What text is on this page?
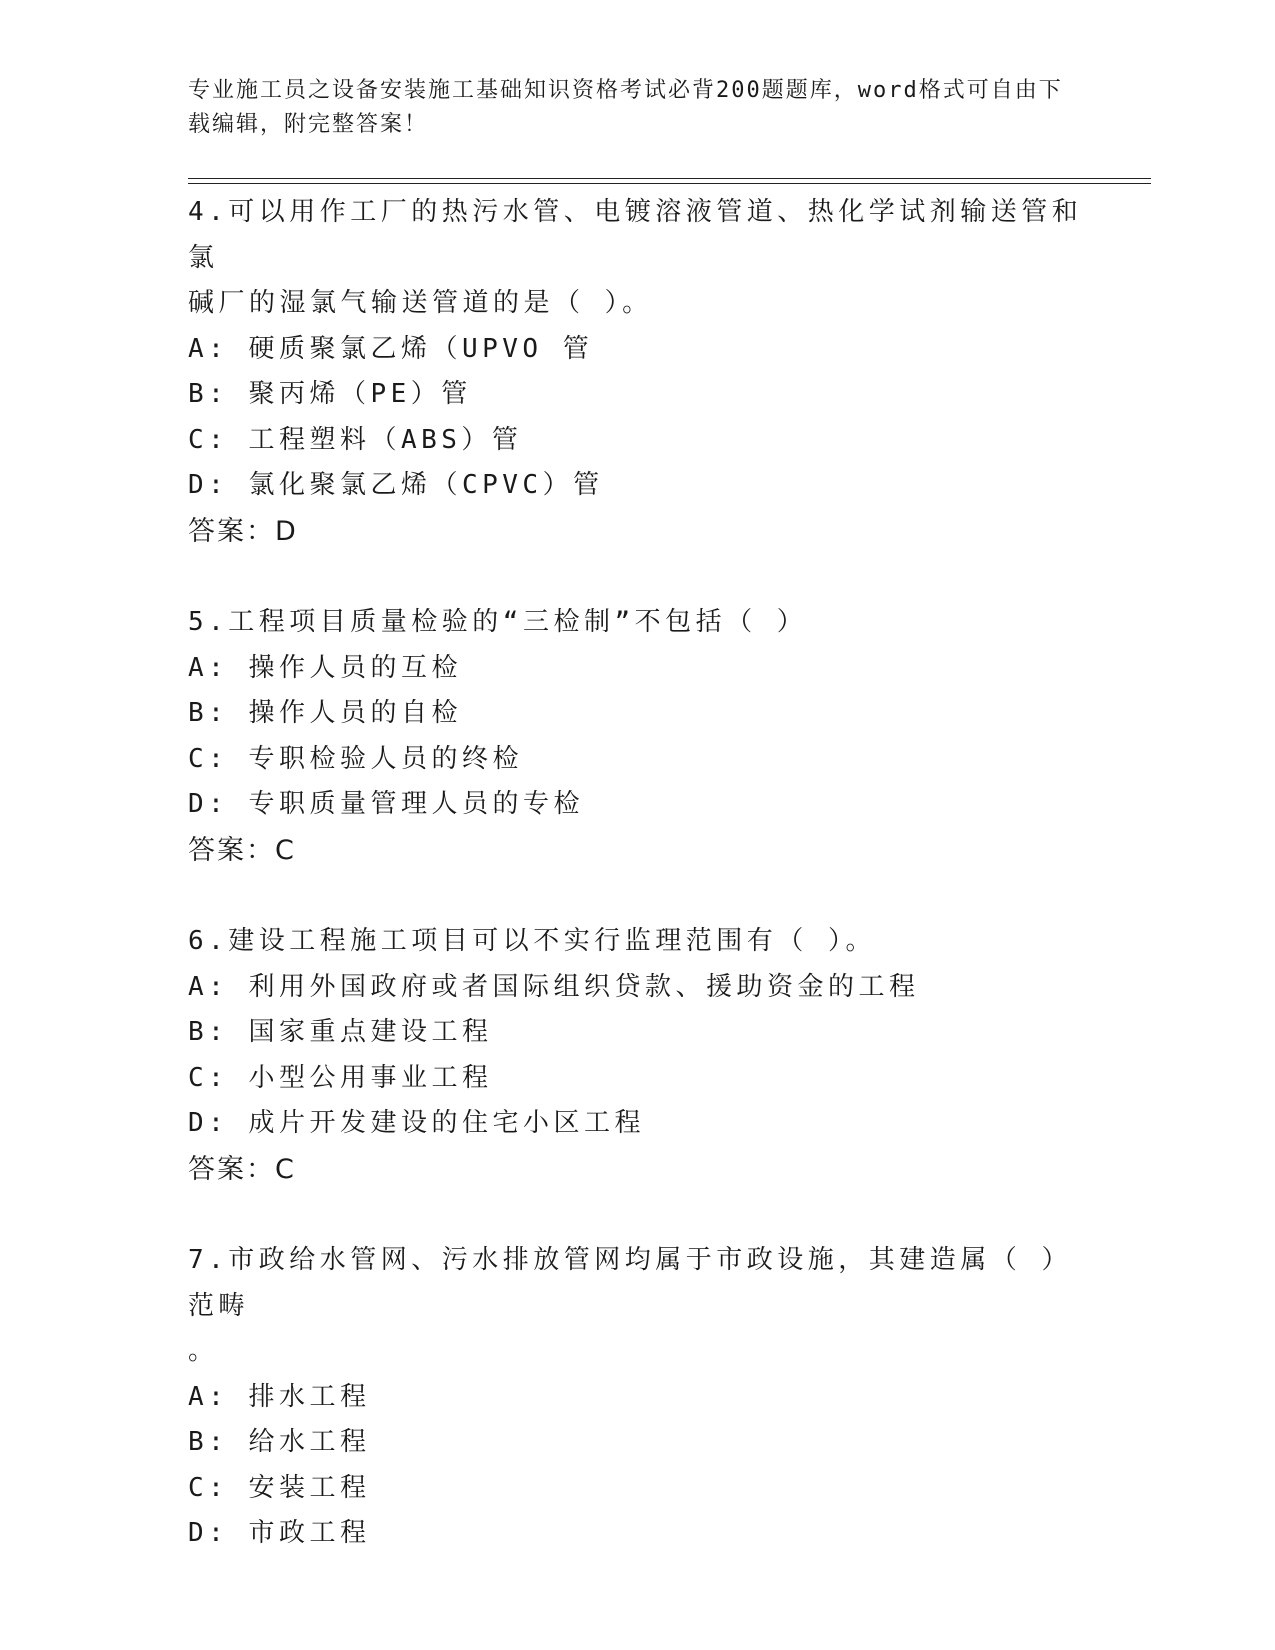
专业施工员之设备安装施工基础知识资格考试必背200题题库，word格式可自由下载编辑，附完整答案！
4.可以用作工厂的热污水管、电镀溶液管道、热化学试剂输送管和氯
碱厂的湿氯气输送管道的是（ ）。
A: 硬质聚氯乙烯（UPVO 管
B: 聚丙烯（PE）管
C: 工程塑料（ABS）管
D: 氯化聚氯乙烯（CPVC）管
答案：D
5.工程项目质量检验的“三检制”不包括（ ）
A: 操作人员的互检
B: 操作人员的自检
C: 专职检验人员的终检
D: 专职质量管理人员的专检
答案：C
6.建设工程施工项目可以不实行监理范围有（ ）。
A: 利用外国政府或者国际组织贷款、援助资金的工程
B: 国家重点建设工程
C: 小型公用事业工程
D: 成片开发建设的住宅小区工程
答案：C
7.市政给水管网、污水排放管网均属于市政设施，其建造属（ ）范畴
。
A: 排水工程
B: 给水工程
C: 安装工程
D: 市政工程
